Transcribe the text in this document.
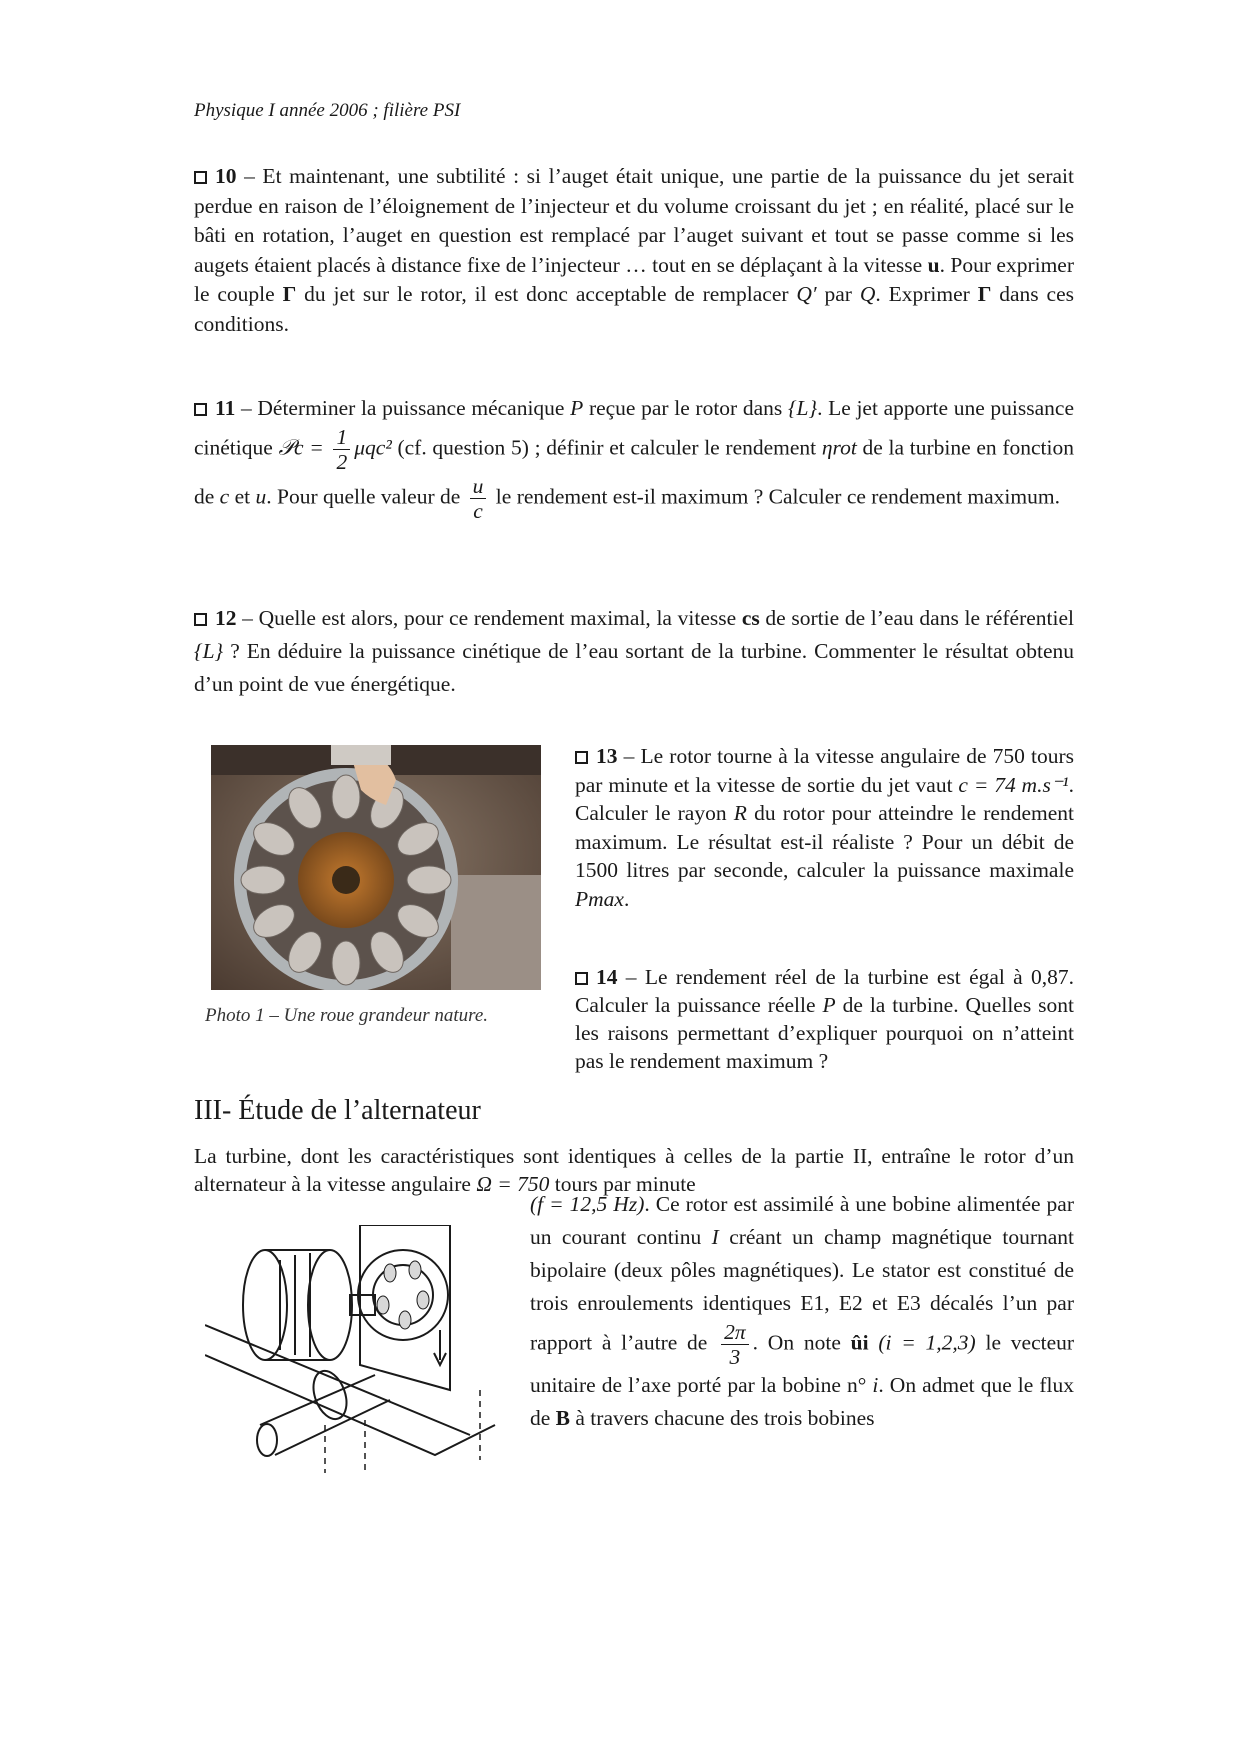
Physique I année 2006 ; filière PSI

10 – Et maintenant, une subtilité : si l’auget était unique, une partie de la puissance du jet serait perdue en raison de l’éloignement de l’injecteur et du volume croissant du jet ; en réalité, placé sur le bâti en rotation, l’auget en question est remplacé par l’auget suivant et tout se passe comme si les augets étaient placés à distance fixe de l’injecteur … tout en se déplaçant à la vitesse u. Pour exprimer le couple Γ du jet sur le rotor, il est donc acceptable de remplacer Q′ par Q. Exprimer Γ dans ces conditions.

11 – Déterminer la puissance mécanique P reçue par le rotor dans {L}. Le jet apporte une puissance cinétique 𝒫c = $\frac{1}{2} \mu qc^2$ (cf. question 5) ; définir et calculer le rendement ηrot de la turbine en fonction de c et u. Pour quelle valeur de $\frac{u}{c}$ le rendement est-il maximum ? Calculer ce rendement maximum.

12 – Quelle est alors, pour ce rendement maximal, la vitesse cs de sortie de l’eau dans le référentiel {L} ? En déduire la puissance cinétique de l’eau sortant de la turbine. Commenter le résultat obtenu d’un point de vue énergétique.

Photo 1 – Une roue grandeur nature.

13 – Le rotor tourne à la vitesse angulaire de 750 tours par minute et la vitesse de sortie du jet vaut c = 74 m.s⁻¹. Calculer le rayon R du rotor pour atteindre le rendement maximum. Le résultat est-il réaliste ? Pour un débit de 1500 litres par seconde, calculer la puissance maximale Pmax.

14 – Le rendement réel de la turbine est égal à 0,87. Calculer la puissance réelle P de la turbine. Quelles sont les raisons permettant d’expliquer pourquoi on n’atteint pas le rendement maximum ?

III- Étude de l’alternateur

La turbine, dont les caractéristiques sont identiques à celles de la partie II, entraîne le rotor d’un alternateur à la vitesse angulaire Ω = 750 tours par minute

(f = 12,5 Hz). Ce rotor est assimilé à une bobine alimentée par un courant continu I créant un champ magnétique tournant bipolaire (deux pôles magnétiques). Le stator est constitué de trois enroulements identiques E1, E2 et E3 décalés l’un par rapport à l’autre de $\frac{2\pi}{3}$ . On note ûi (i = 1,2,3) le vecteur unitaire de l’axe porté par la bobine n° i. On admet que le flux de B à travers chacune des trois bobines
